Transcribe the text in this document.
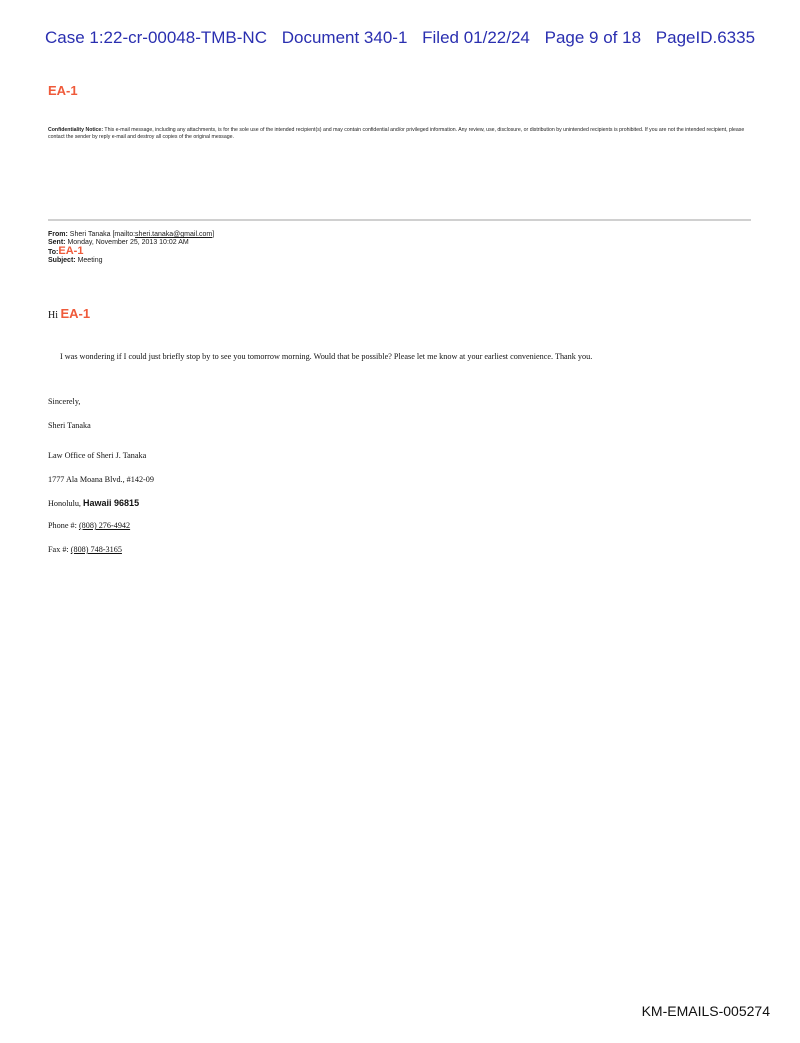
Case 1:22-cr-00048-TMB-NC Document 340-1 Filed 01/22/24 Page 9 of 18 PageID.6335
EA-1
Confidentiality Notice: This e-mail message, including any attachments, is for the sole use of the intended recipient(s) and may contain confidential and/or privileged information. Any review, use, disclosure, or distribution by unintended recipients is prohibited. If you are not the intended recipient, please contact the sender by reply e-mail and destroy all copies of the original message.
From: Sheri Tanaka [mailto:sheri.tanaka@gmail.com]
Sent: Monday, November 25, 2013 10:02 AM
To:EA-1
Subject: Meeting
Hi EA-1
I was wondering if I could just briefly stop by to see you tomorrow morning. Would that be possible? Please let me know at your earliest convenience. Thank you.
Sincerely,
Sheri Tanaka
Law Office of Sheri J. Tanaka
1777 Ala Moana Blvd., #142-09
Honolulu, Hawaii 96815
Phone #: (808) 276-4942
Fax #: (808) 748-3165
KM-EMAILS-005274
